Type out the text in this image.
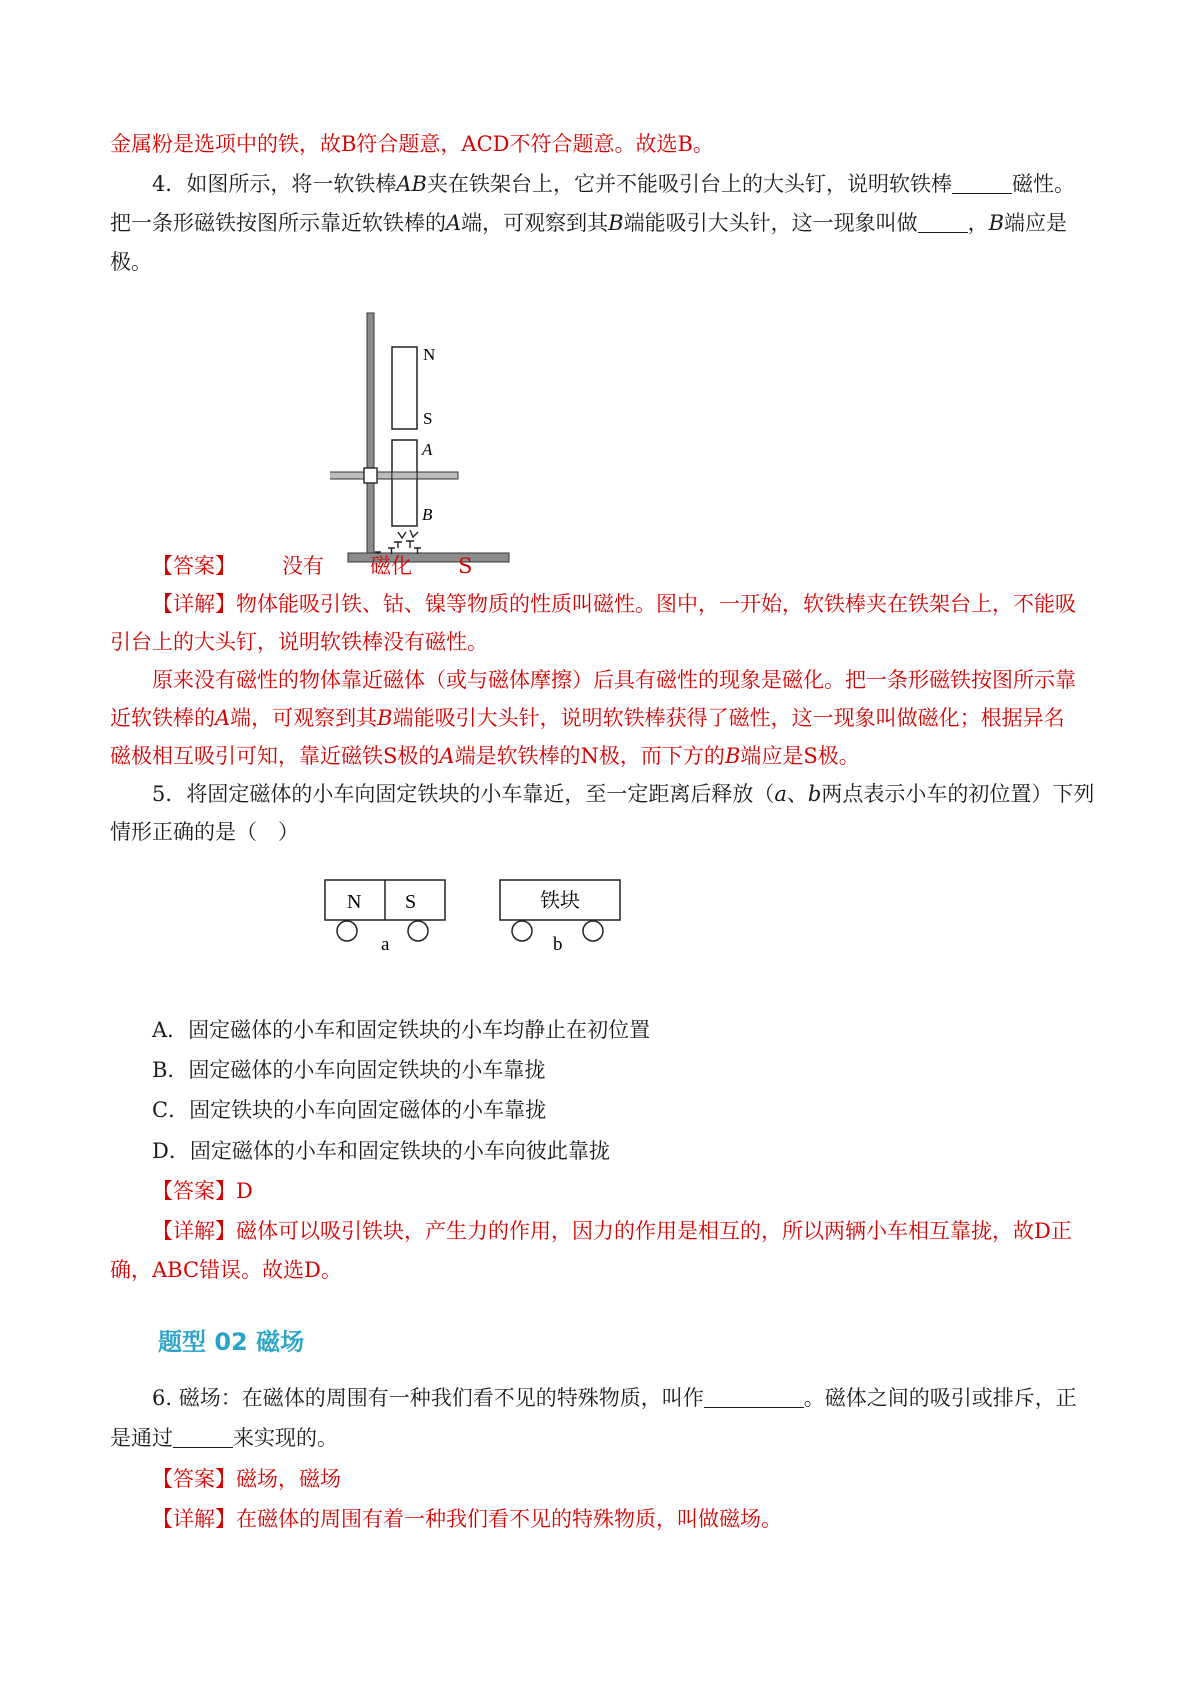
金属粉是选项中的铁，故B符合题意，ACD不符合题意。故选B。
4．如图所示，将一软铁棒AB夹在铁架台上，它并不能吸引台上的大头钉，说明软铁棒	磁性。
把一条形磁铁按图所示靠近软铁棒的A端，可观察到其B端能吸引大头针，这一现象叫做 ，B端应是
极。
N
S
A
B
【答案】 没有 磁化 S
【详解】物体能吸引铁、钴、镍等物质的性质叫磁性。图中，一开始，软铁棒夹在铁架台上，不能吸
引台上的大头钉，说明软铁棒没有磁性。
原来没有磁性的物体靠近磁体（或与磁体摩擦）后具有磁性的现象是磁化。把一条形磁铁按图所示靠
近软铁棒的A端，可观察到其B端能吸引大头针，说明软铁棒获得了磁性，这一现象叫做磁化；根据异名
磁极相互吸引可知，靠近磁铁S极的A端是软铁棒的N极，而下方的B端应是S极。
5．将固定磁体的小车向固定铁块的小车靠近，至一定距离后释放（a、b两点表示小车的初位置）下列
情形正确的是（　）
N S
a
铁块
b
A．固定磁体的小车和固定铁块的小车均静止在初位置
B．固定磁体的小车向固定铁块的小车靠拢
C．固定铁块的小车向固定磁体的小车靠拢
D．固定磁体的小车和固定铁块的小车向彼此靠拢
【答案】D
【详解】磁体可以吸引铁块，产生力的作用，因力的作用是相互的，所以两辆小车相互靠拢，故D正
确，ABC错误。故选D。
题型 02 磁场
6. 磁场：在磁体的周围有一种我们看不见的特殊物质，叫作	。磁体之间的吸引或排斥，正
是通过	来实现的。
【答案】磁场，磁场
【详解】在磁体的周围有着一种我们看不见的特殊物质，叫做磁场。
